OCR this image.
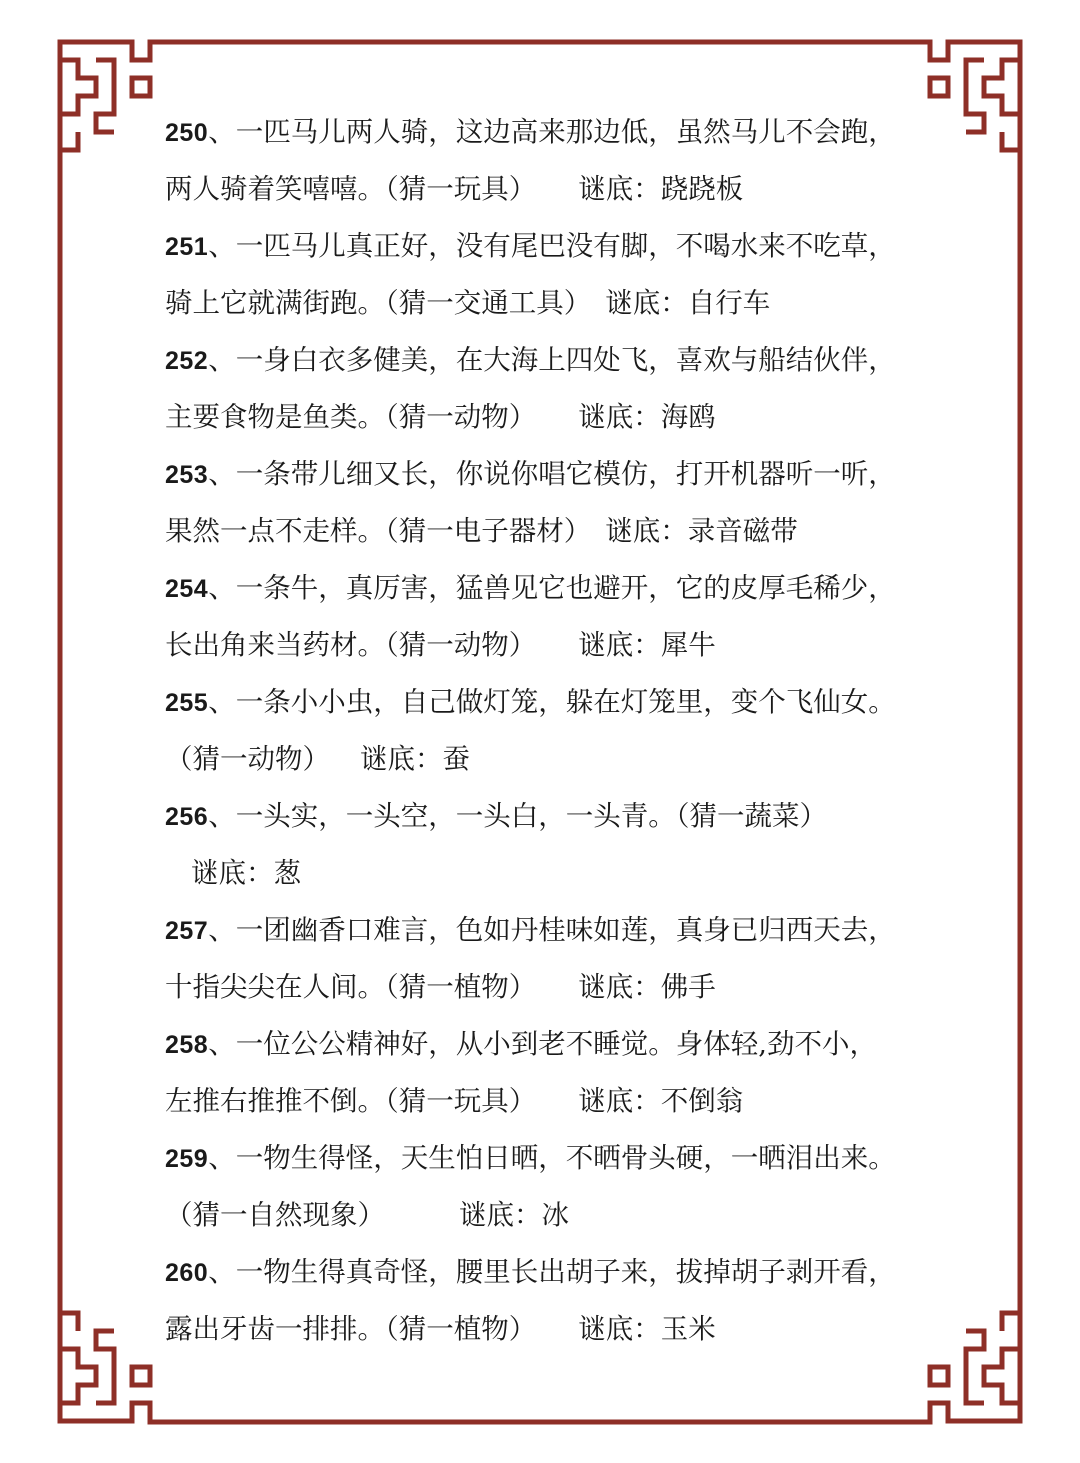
250、一匹马儿两人骑，这边高来那边低，虽然马儿不会跑，
两人骑着笑嘻嘻。（猜一玩具） 谜底：跷跷板
251、一匹马儿真正好，没有尾巴没有脚，不喝水来不吃草，
骑上它就满街跑。（猜一交通工具） 谜底：自行车
252、一身白衣多健美，在大海上四处飞，喜欢与船结伙伴，
主要食物是鱼类。（猜一动物） 谜底：海鸥
253、一条带儿细又长，你说你唱它模仿，打开机器听一听，
果然一点不走样。（猜一电子器材） 谜底：录音磁带
254、一条牛，真厉害，猛兽见它也避开，它的皮厚毛稀少，
长出角来当药材。（猜一动物） 谜底：犀牛
255、一条小小虫，自己做灯笼，躲在灯笼里，变个飞仙女。
（猜一动物） 谜底：蚕
256、一头实，一头空，一头白，一头青。（猜一蔬菜）
谜底：葱
257、一团幽香口难言，色如丹桂味如莲，真身已归西天去，
十指尖尖在人间。（猜一植物） 谜底：佛手
258、一位公公精神好，从小到老不睡觉。身体轻,劲不小，
左推右推推不倒。（猜一玩具） 谜底：不倒翁
259、一物生得怪，天生怕日晒，不晒骨头硬，一晒泪出来。
（猜一自然现象）	谜底：冰
260、一物生得真奇怪，腰里长出胡子来，拔掉胡子剥开看，
露出牙齿一排排。（猜一植物） 谜底：玉米
